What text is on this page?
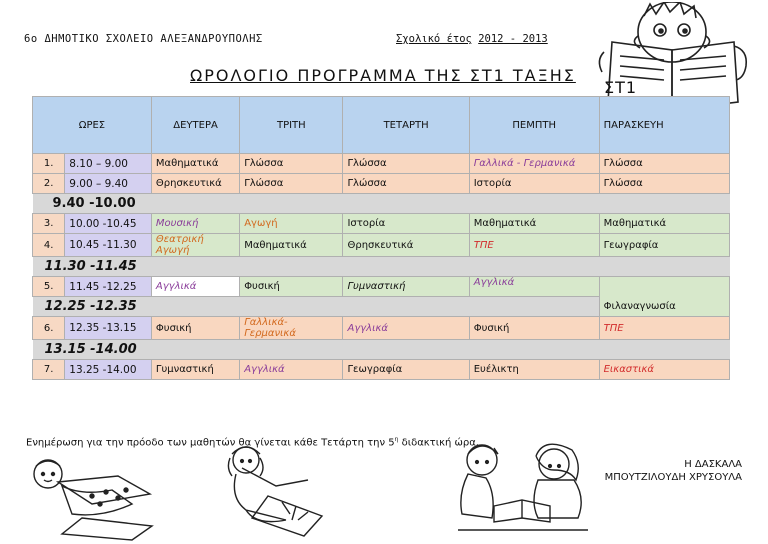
6ο ΔΗΜΟΤΙΚΟ ΣΧΟΛΕΙΟ ΑΛΕΞΑΝΔΡΟΥΠΟΛΗΣ	Σχολικό έτος 2012 - 2013
ΩΡΟΛΟΓΙΟ ΠΡΟΓΡΑΜΜΑ ΤΗΣ ΣΤ1 ΤΑΞΗΣ
ΣΤ1
ΩΡΕΣ		ΔΕΥΤΕΡΑ	ΤΡΙΤΗ	ΤΕΤΑΡΤΗ	ΠΕΜΠΤΗ	ΠΑΡΑΣΚΕΥΗ
1.	8.10 – 9.00	Μαθηματικά	Γλώσσα	Γλώσσα	Γαλλικά - Γερμανικά	Γλώσσα
2.	9.00 – 9.40	Θρησκευτικά	Γλώσσα	Γλώσσα	Ιστορία	Γλώσσα
9.40 -10.00						
3.	10.00 -10.45	Μουσική	Αγωγή	Ιστορία	Μαθηματικά	Μαθηματικά
4.	10.45 -11.30	Θεατρική Αγωγή	Μαθηματικά	Θρησκευτικά	ΤΠΕ	Γεωγραφία
11.30 -11.45						
5.	11.45 -12.25	Αγγλικά	Φυσική	Γυμναστική	Αγγλικά	Φιλαναγνωσία
12.25 -12.35						
6.	12.35 -13.15	Φυσική	Γαλλικά-Γερμανικά	Αγγλικά	Φυσική	ΤΠΕ
13.15 -14.00						
7.	13.25 -14.00	Γυμναστική	Αγγλικά	Γεωγραφία	Ευέλικτη	Εικαστικά
Ενημέρωση για την πρόοδο των μαθητών θα γίνεται κάθε Τετάρτη την $5^\eta$ διδακτική ώρα.
Η ΔΑΣΚΑΛΑ
ΜΠΟΥΤΖΙΛΟΥΔΗ ΧΡΥΣΟΥΛΑ
